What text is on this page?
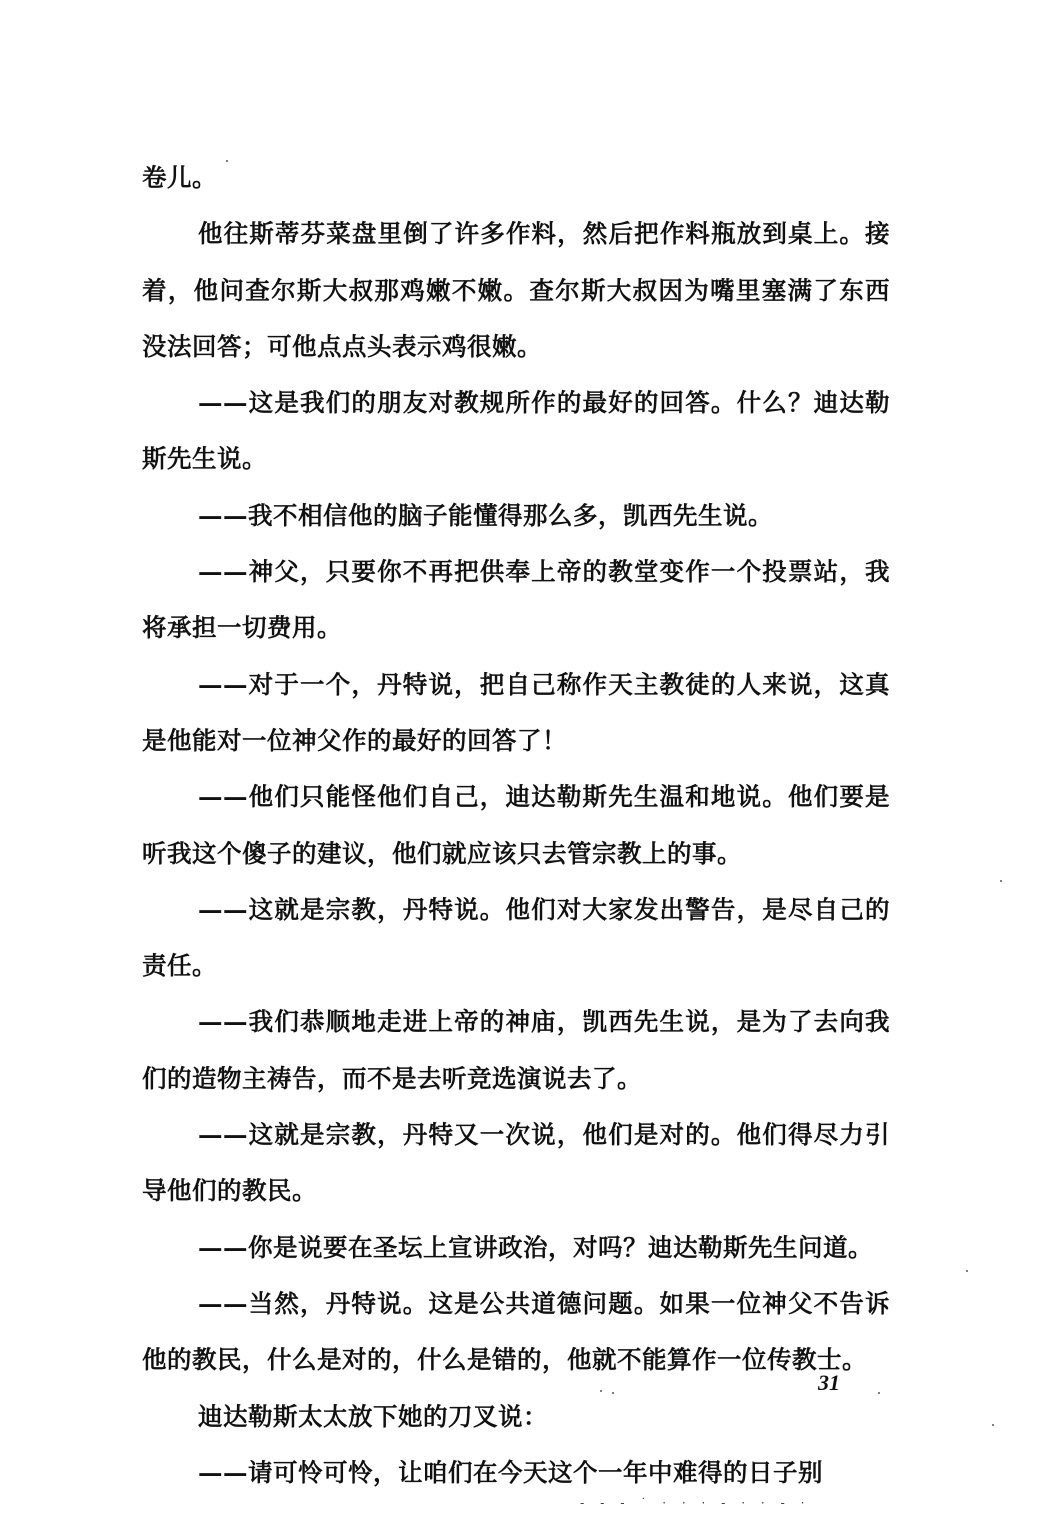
卷儿。

他往斯蒂芬菜盘里倒了许多作料，然后把作料瓶放到桌上。接着，他问查尔斯大叔那鸡嫩不嫩。查尔斯大叔因为嘴里塞满了东西没法回答；可他点点头表示鸡很嫩。

——这是我们的朋友对教规所作的最好的回答。什么？迪达勒斯先生说。

——我不相信他的脑子能懂得那么多，凯西先生说。

——神父，只要你不再把供奉上帝的教堂变作一个投票站，我将承担一切费用。

——对于一个，丹特说，把自己称作天主教徒的人来说，这真是他能对一位神父作的最好的回答了！

——他们只能怪他们自己，迪达勒斯先生温和地说。他们要是听我这个傻子的建议，他们就应该只去管宗教上的事。

——这就是宗教，丹特说。他们对大家发出警告，是尽自己的责任。

——我们恭顺地走进上帝的神庙，凯西先生说，是为了去向我们的造物主祷告，而不是去听竞选演说去了。

——这就是宗教，丹特又一次说，他们是对的。他们得尽力引导他们的教民。

——你是说要在圣坛上宣讲政治，对吗？迪达勒斯先生问道。

——当然，丹特说。这是公共道德问题。如果一位神父不告诉他的教民，什么是对的，什么是错的，他就不能算作一位传教士。

迪达勒斯太太放下她的刀叉说：

——请可怜可怜，让咱们在今天这个一年中难得的日子别

31
‐ ‐ ‐ ˙ · · · ‐ · · ‐ ·
